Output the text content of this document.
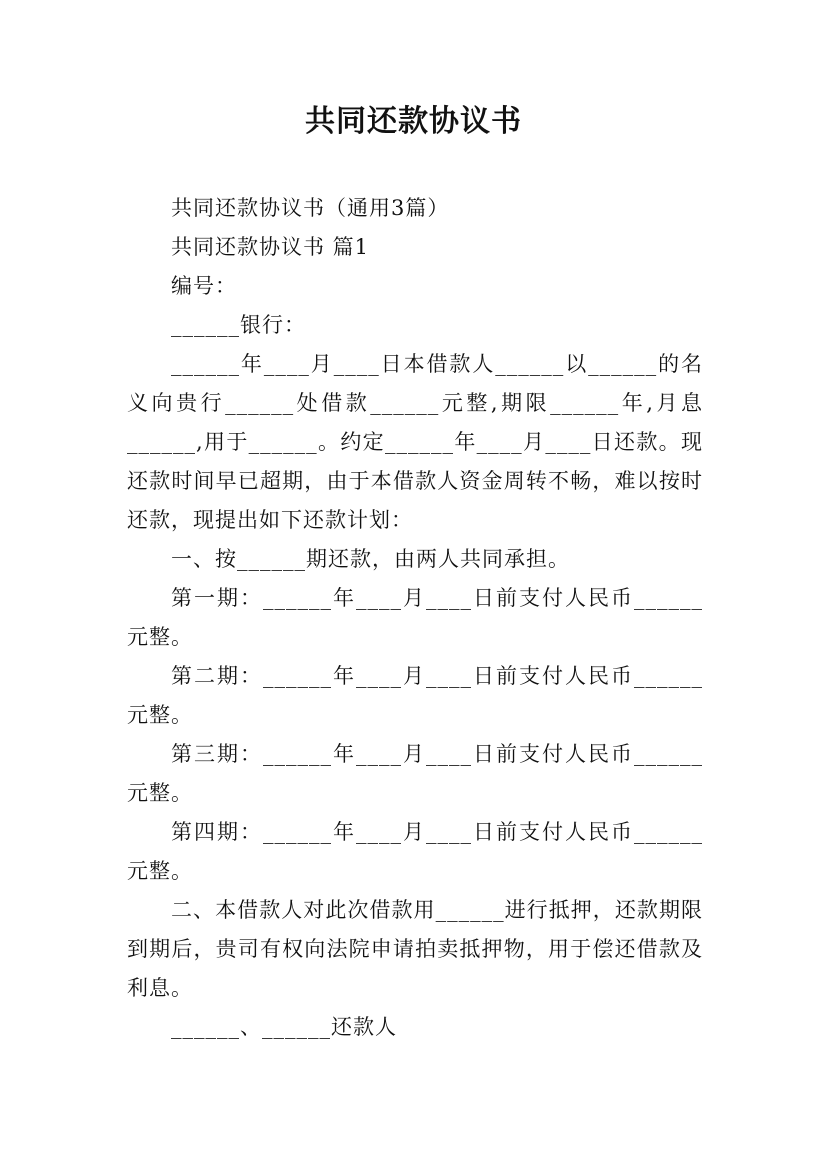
共同还款协议书

共同还款协议书（通用3篇）

共同还款协议书 篇1

编号：

______银行：

______年____月____日本借款人______以______的名义向贵行______处借款______元整,期限______年,月息______,用于______。约定______年____月____日还款。现还款时间早已超期，由于本借款人资金周转不畅，难以按时还款，现提出如下还款计划：

一、按______期还款，由两人共同承担。

第一期：______年____月____日前支付人民币______元整。

第二期：______年____月____日前支付人民币______元整。

第三期：______年____月____日前支付人民币______元整。

第四期：______年____月____日前支付人民币______元整。

二、本借款人对此次借款用______进行抵押，还款期限到期后，贵司有权向法院申请拍卖抵押物，用于偿还借款及利息。

______、______还款人
